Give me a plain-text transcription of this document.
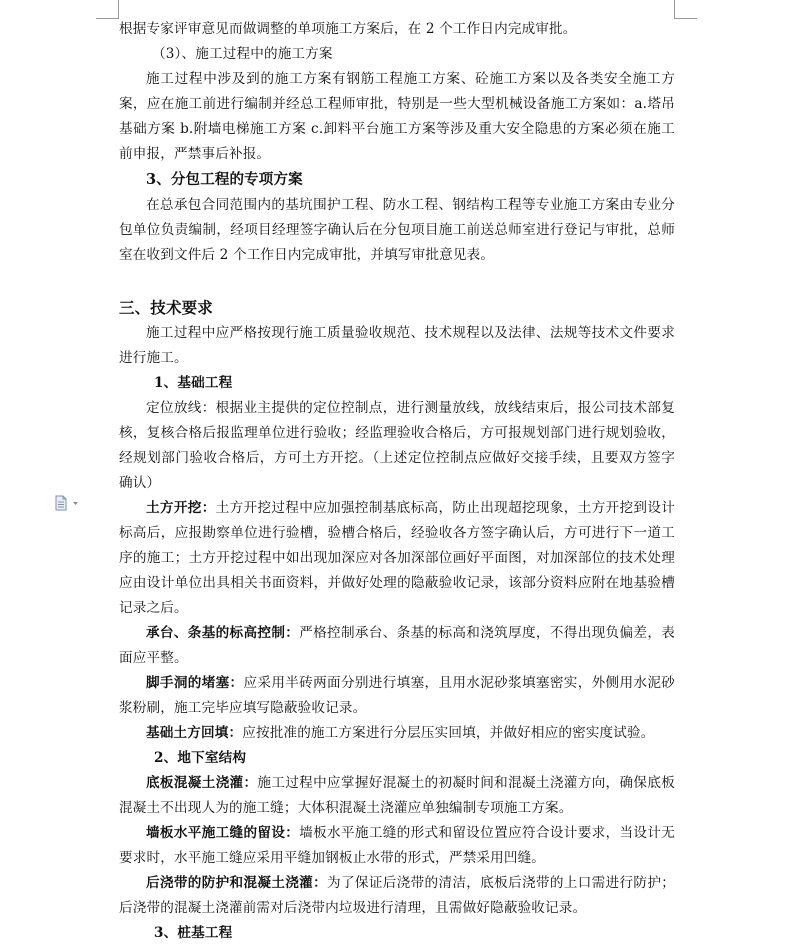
根据专家评审意见而做调整的单项施工方案后，在 2 个工作日内完成审批。

（3）、施工过程中的施工方案

施工过程中涉及到的施工方案有钢筋工程施工方案、砼施工方案以及各类安全施工方案，应在施工前进行编制并经总工程师审批，特别是一些大型机械设备施工方案如：a.塔吊基础方案 b.附墙电梯施工方案 c.卸料平台施工方案等涉及重大安全隐患的方案必须在施工前申报，严禁事后补报。

3、分包工程的专项方案

在总承包合同范围内的基坑围护工程、防水工程、钢结构工程等专业施工方案由专业分包单位负责编制，经项目经理签字确认后在分包项目施工前送总师室进行登记与审批，总师室在收到文件后 2 个工作日内完成审批，并填写审批意见表。

三、技术要求

施工过程中应严格按现行施工质量验收规范、技术规程以及法律、法规等技术文件要求进行施工。

1、基础工程

定位放线：根据业主提供的定位控制点，进行测量放线，放线结束后，报公司技术部复核，复核合格后报监理单位进行验收；经监理验收合格后，方可报规划部门进行规划验收，经规划部门验收合格后，方可土方开挖。（上述定位控制点应做好交接手续，且要双方签字确认）

土方开挖：土方开挖过程中应加强控制基底标高，防止出现超挖现象，土方开挖到设计标高后，应报勘察单位进行验槽，验槽合格后，经验收各方签字确认后，方可进行下一道工序的施工；土方开挖过程中如出现加深应对各加深部位画好平面图，对加深部位的技术处理应由设计单位出具相关书面资料，并做好处理的隐蔽验收记录，该部分资料应附在地基验槽记录之后。

承台、条基的标高控制：严格控制承台、条基的标高和浇筑厚度，不得出现负偏差，表面应平整。

脚手洞的堵塞：应采用半砖两面分别进行填塞，且用水泥砂浆填塞密实，外侧用水泥砂浆粉刷，施工完毕应填写隐蔽验收记录。

基础土方回填：应按批准的施工方案进行分层压实回填，并做好相应的密实度试验。

2、地下室结构

底板混凝土浇灌：施工过程中应掌握好混凝土的初凝时间和混凝土浇灌方向，确保底板混凝土不出现人为的施工缝；大体积混凝土浇灌应单独编制专项施工方案。

墙板水平施工缝的留设：墙板水平施工缝的形式和留设位置应符合设计要求，当设计无要求时，水平施工缝应采用平缝加钢板止水带的形式，严禁采用凹缝。

后浇带的防护和混凝土浇灌：为了保证后浇带的清洁，底板后浇带的上口需进行防护；后浇带的混凝土浇灌前需对后浇带内垃圾进行清理，且需做好隐蔽验收记录。

3、桩基工程
